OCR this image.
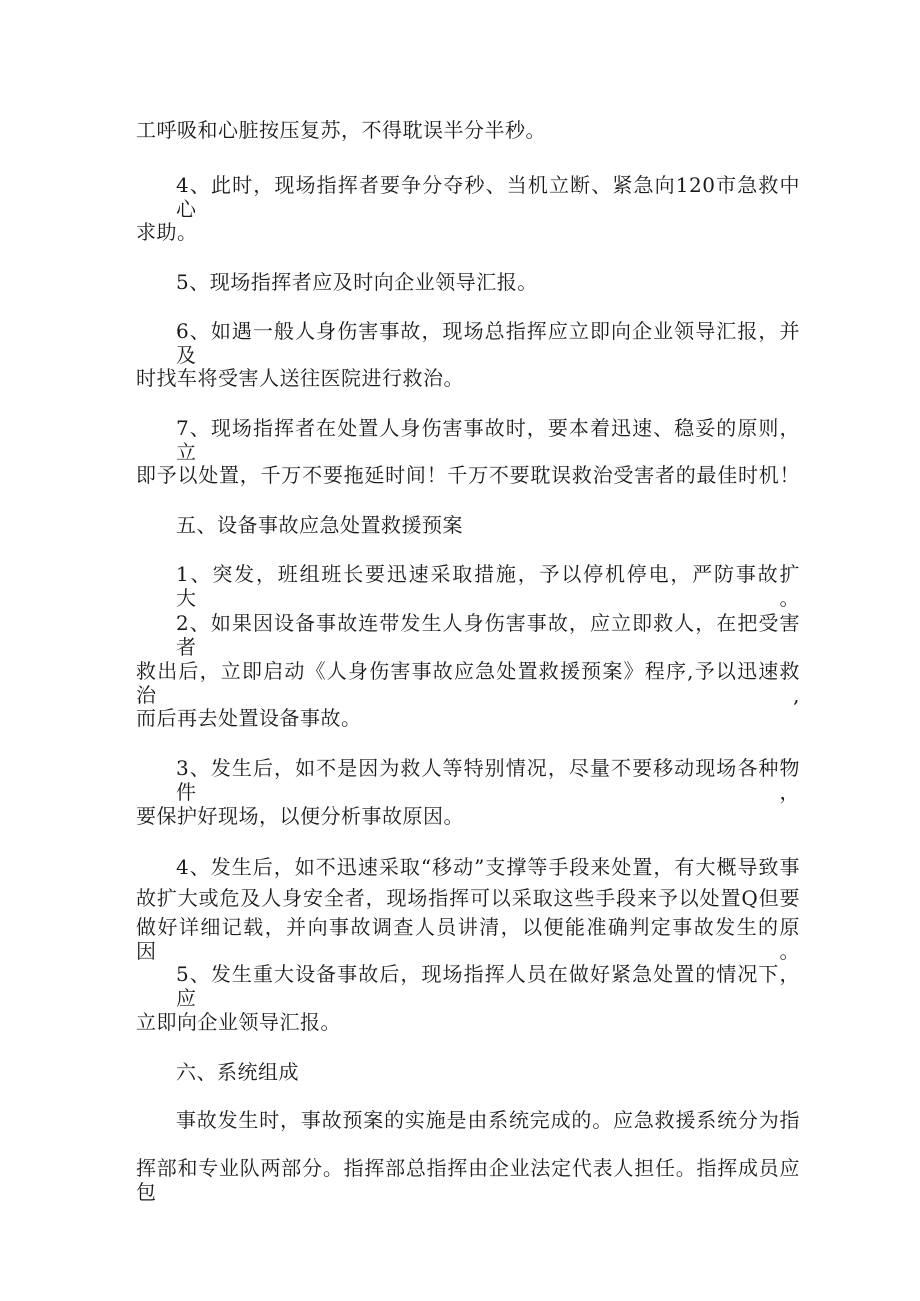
工呼吸和心脏按压复苏，不得耽误半分半秒。
4、此时，现场指挥者要争分夺秒、当机立断、紧急向120市急救中心
求助。
5、现场指挥者应及时向企业领导汇报。
6、如遇一般人身伤害事故，现场总指挥应立即向企业领导汇报，并及
时找车将受害人送往医院进行救治。
7、现场指挥者在处置人身伤害事故时，要本着迅速、稳妥的原则，立
即予以处置，千万不要拖延时间！千万不要耽误救治受害者的最佳时机！
五、设备事故应急处置救援预案
1、突发，班组班长要迅速采取措施，予以停机停电，严防事故扩大。
2、如果因设备事故连带发生人身伤害事故，应立即救人，在把受害者
救出后，立即启动《人身伤害事故应急处置救援预案》程序,予以迅速救治,
而后再去处置设备事故。
3、发生后，如不是因为救人等特别情况，尽量不要移动现场各种物件，
要保护好现场，以便分析事故原因。
4、发生后，如不迅速采取“移动”支撑等手段来处置，有大概导致事
故扩大或危及人身安全者，现场指挥可以采取这些手段来予以处置Q但要
做好详细记载，并向事故调查人员讲清，以便能准确判定事故发生的原因。
5、发生重大设备事故后，现场指挥人员在做好紧急处置的情况下，应
立即向企业领导汇报。
六、系统组成
事故发生时，事故预案的实施是由系统完成的。应急救援系统分为指
挥部和专业队两部分。指挥部总指挥由企业法定代表人担任。指挥成员应包
